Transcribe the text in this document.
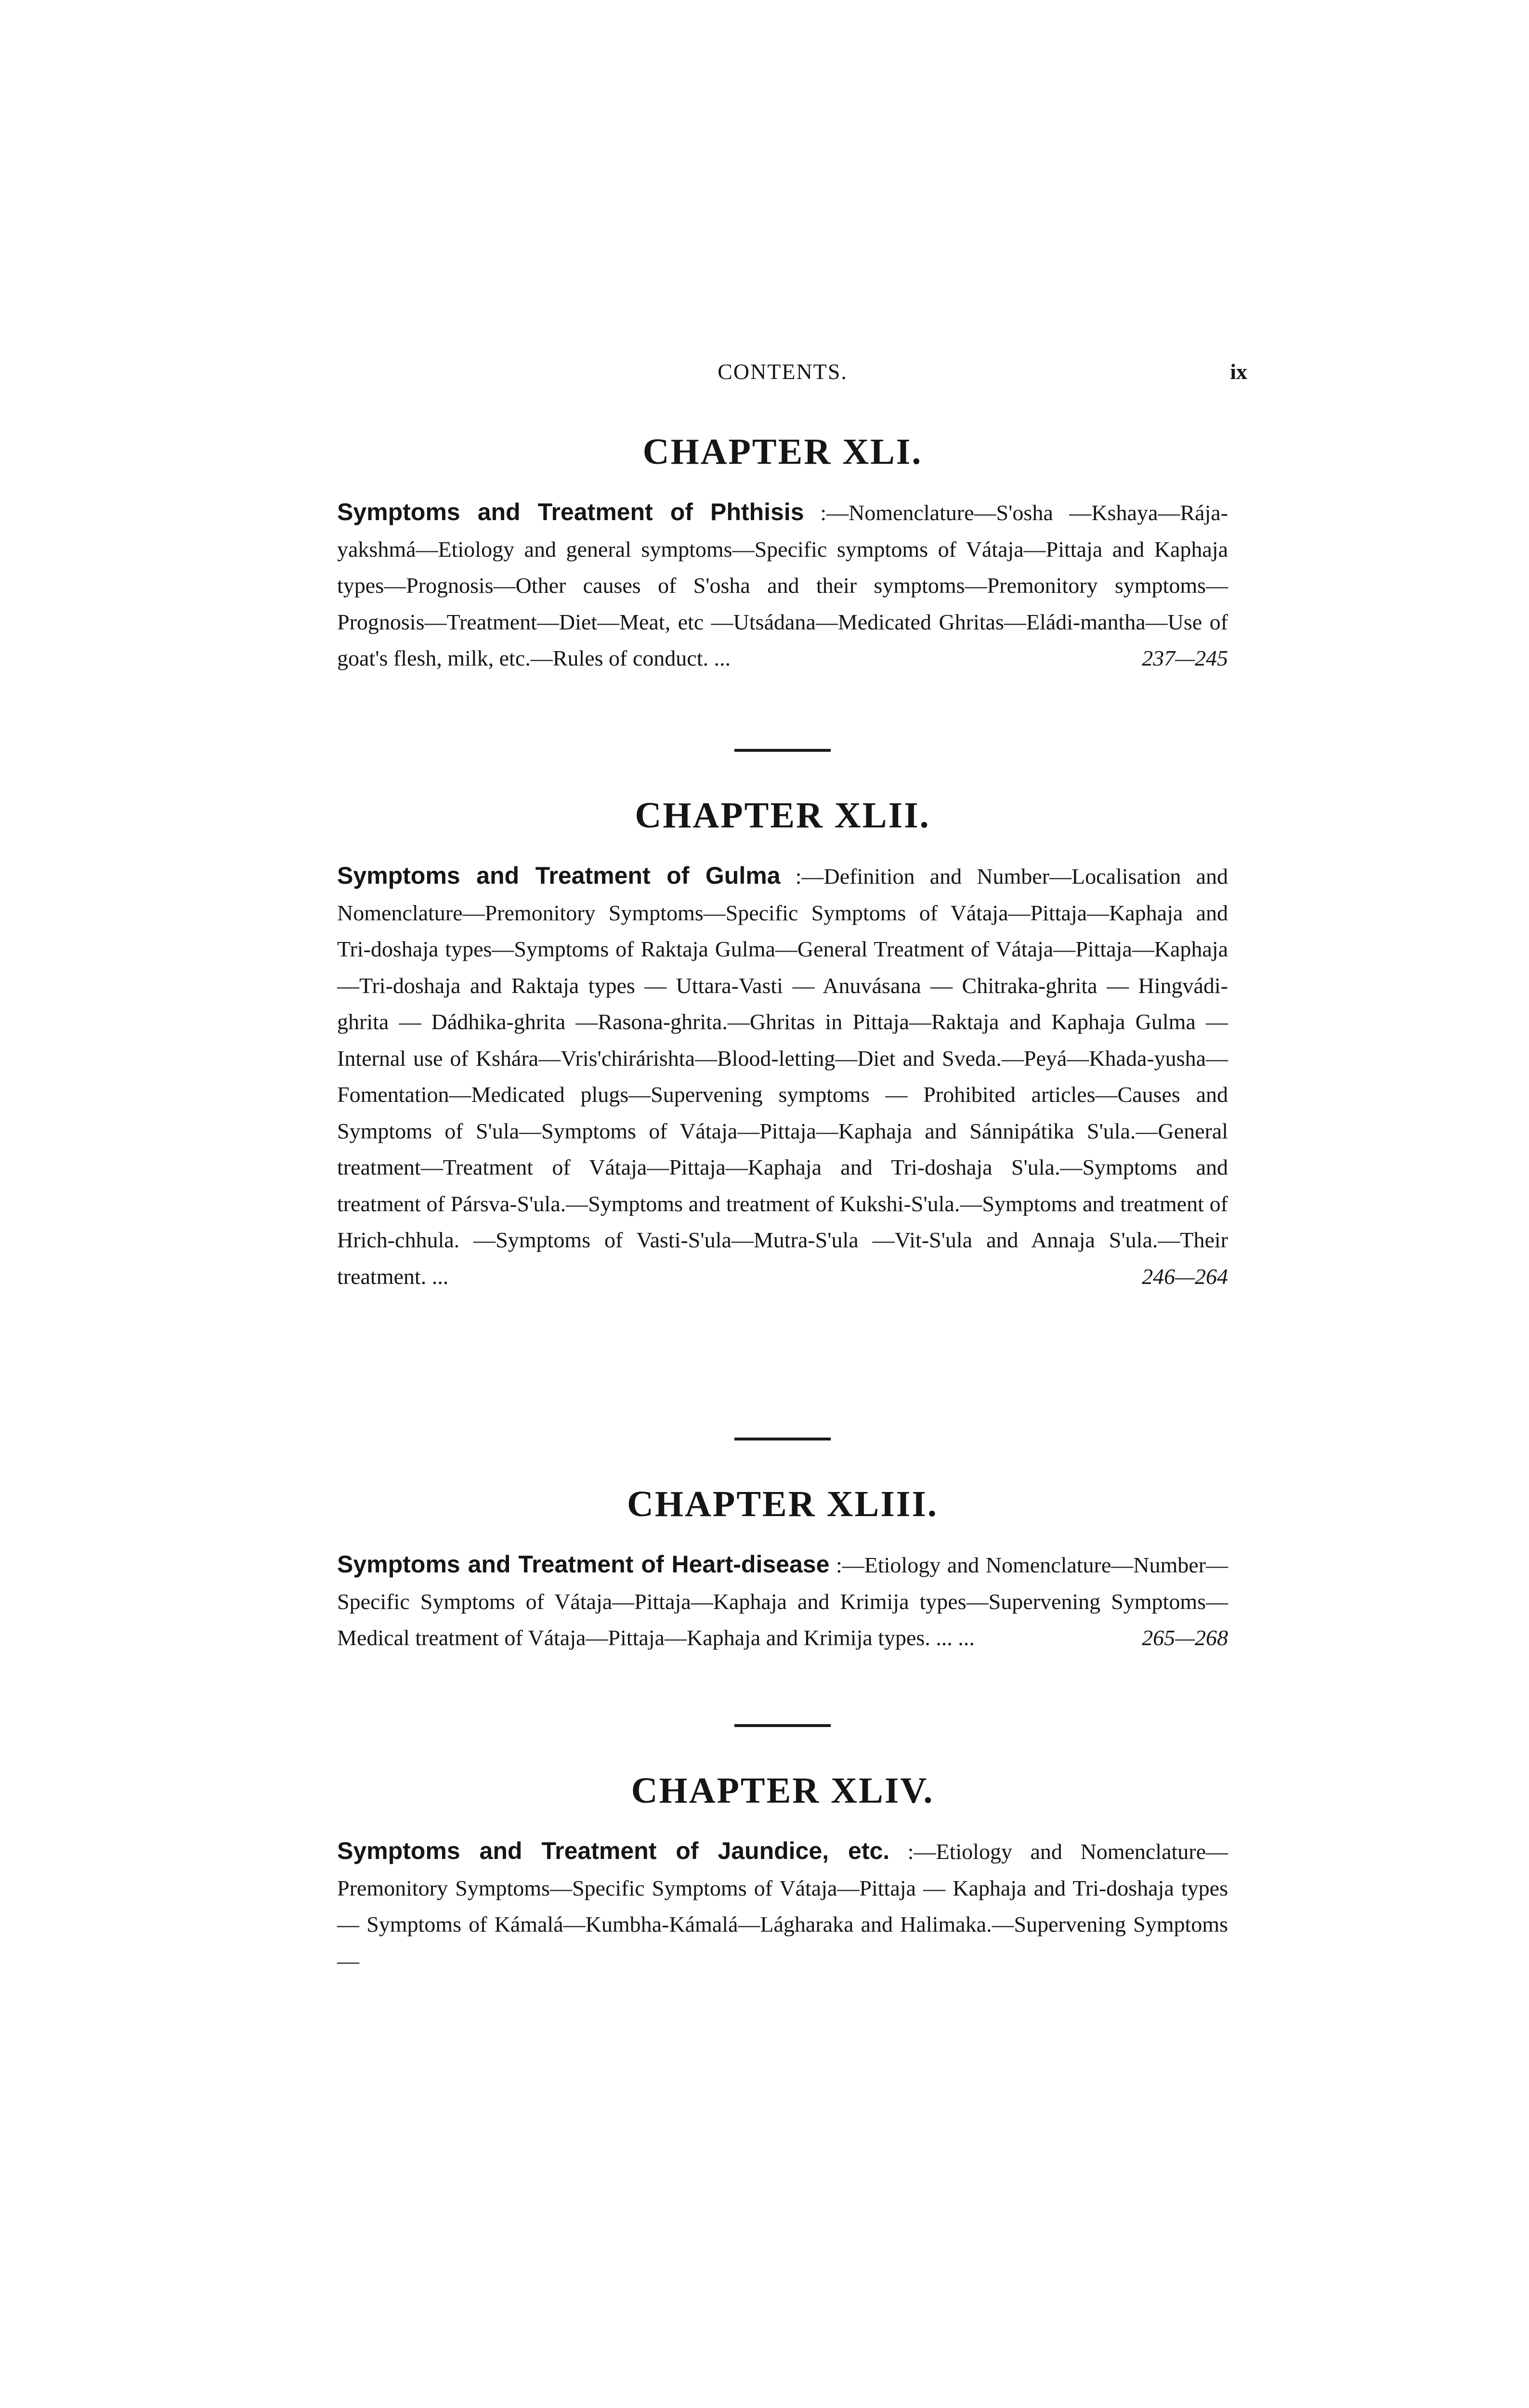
CONTENTS.	ix
CHAPTER XLI.

Symptoms and Treatment of Phthisis :—Nomenclature—S'osha —Kshaya—Rája-yakshmá—Etiology and general symptoms—Specific symptoms of Vátaja—Pittaja and Kaphaja types—Prognosis—Other causes of S'osha and their symptoms—Premonitory symptoms—Prognosis—Treatment—Diet—Meat, etc —Utsádana—Medicated Ghritas—Eládi-mantha—Use of goat's flesh, milk, etc.—Rules of conduct. ...	237—245

CHAPTER XLII.

Symptoms and Treatment of Gulma :—Definition and Number—Localisation and Nomenclature—Premonitory Symptoms—Specific Symptoms of Vátaja—Pittaja—Kaphaja and Tri-doshaja types—Symptoms of Raktaja Gulma—General Treatment of Vátaja—Pittaja—Kaphaja—Tri-doshaja and Raktaja types — Uttara-Vasti — Anuvásana — Chitraka-ghrita — Hingvádi-ghrita — Dádhika-ghrita —Rasona-ghrita.—Ghritas in Pittaja—Raktaja and Kaphaja Gulma —Internal use of Kshára—Vris'chirárishta—Blood-letting—Diet and Sveda.—Peyá—Khada-yusha—Fomentation—Medicated plugs—Supervening symptoms — Prohibited articles—Causes and Symptoms of S'ula—Symptoms of Vátaja—Pittaja—Kaphaja and Sánnipátika S'ula.—General treatment—Treatment of Vátaja—Pittaja—Kaphaja and Tri-doshaja S'ula.—Symptoms and treatment of Pársva-S'ula.—Symptoms and treatment of Kukshi-S'ula.—Symptoms and treatment of Hrich-chhula. —Symptoms of Vasti-S'ula—Mutra-S'ula —Vit-S'ula and Annaja S'ula.—Their treatment. ...	246—264

CHAPTER XLIII.

Symptoms and Treatment of Heart-disease :—Etiology and Nomenclature—Number—Specific Symptoms of Vátaja—Pittaja—Kaphaja and Krimija types—Supervening Symptoms—Medical treatment of Vátaja—Pittaja—Kaphaja and Krimija types. ... ...	265—268

CHAPTER XLIV.

Symptoms and Treatment of Jaundice, etc. :—Etiology and Nomenclature—Premonitory Symptoms—Specific Symptoms of Vátaja—Pittaja — Kaphaja and Tri-doshaja types — Symptoms of Kámalá—Kumbha-Kámalá—Lágharaka and Halimaka.—Supervening Symptoms—
